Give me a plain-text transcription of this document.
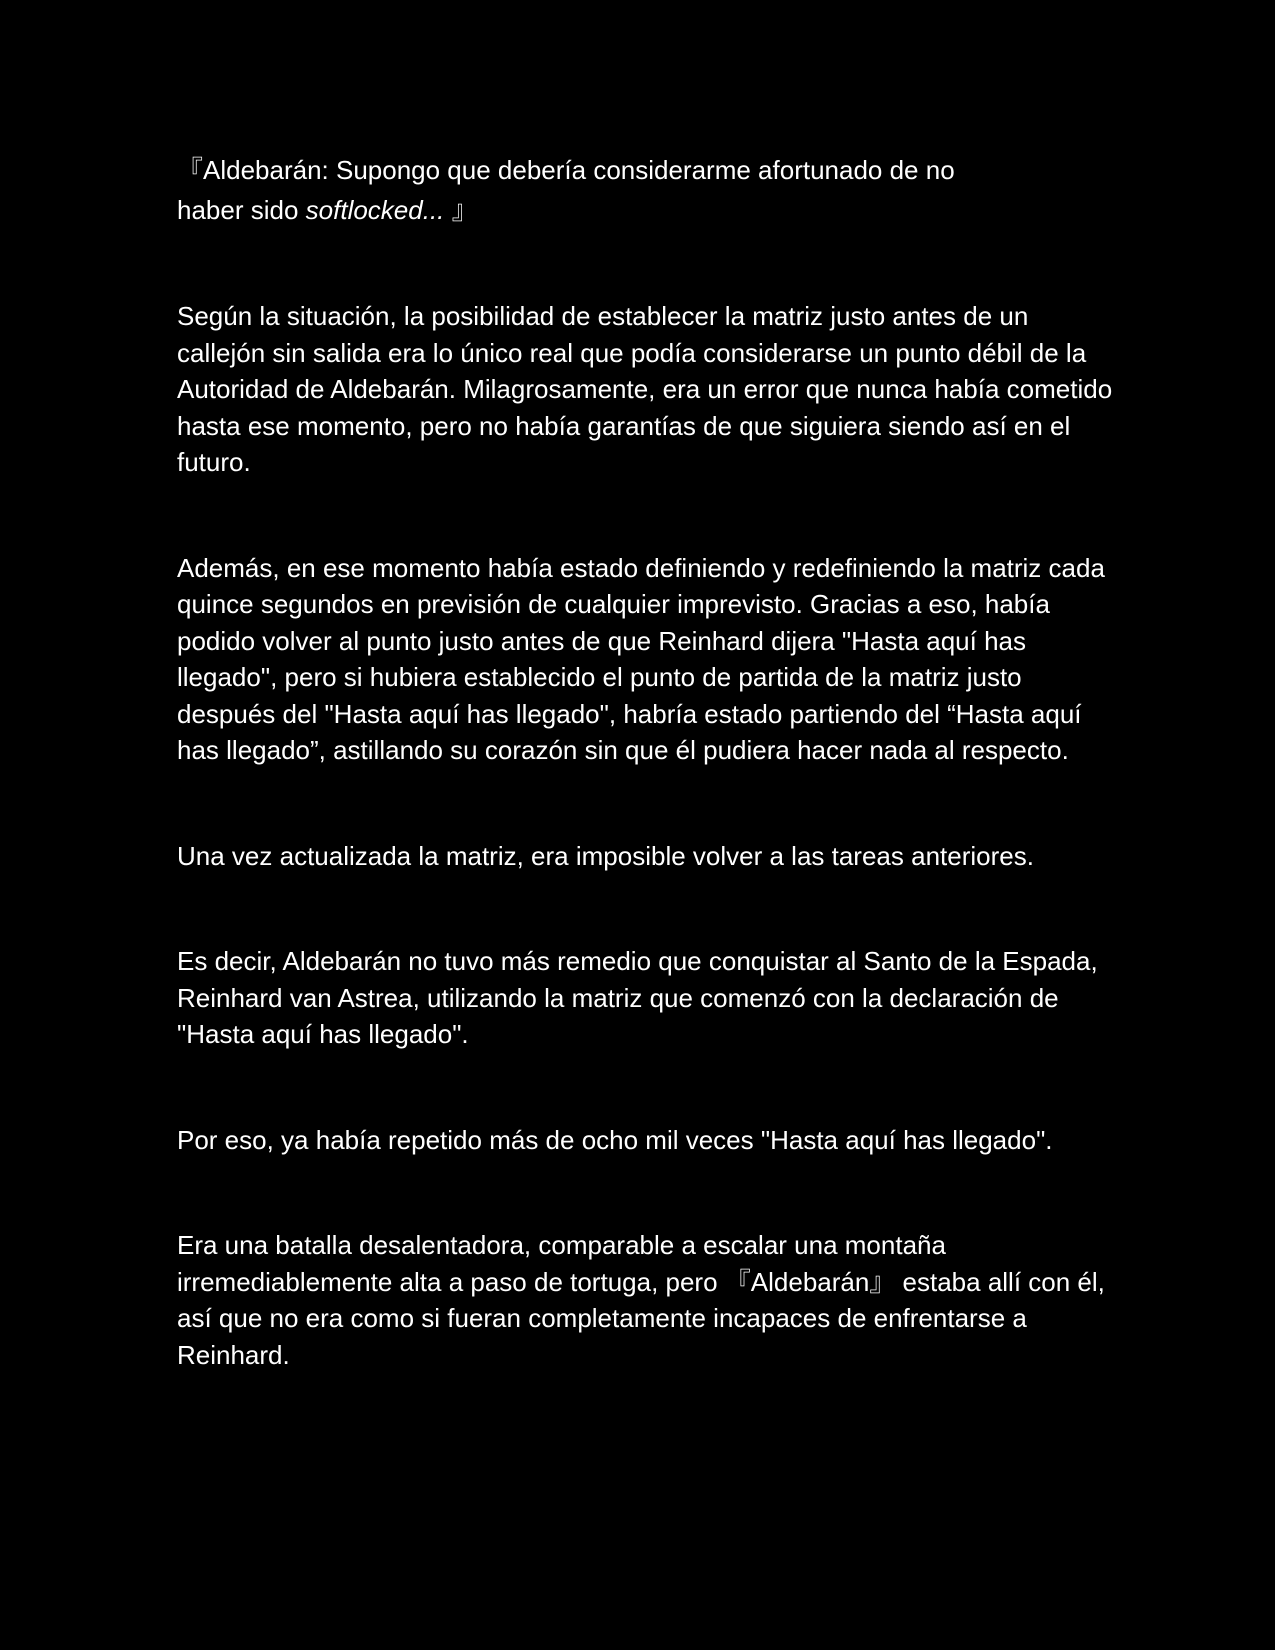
『Aldebarán: Supongo que debería considerarme afortunado de no
haber sido softlocked... 』

Según la situación, la posibilidad de establecer la matriz justo antes de un callejón sin salida era lo único real que podía considerarse un punto débil de la Autoridad de Aldebarán. Milagrosamente, era un error que nunca había cometido hasta ese momento, pero no había garantías de que siguiera siendo así en el futuro.

Además, en ese momento había estado definiendo y redefiniendo la matriz cada quince segundos en previsión de cualquier imprevisto. Gracias a eso, había podido volver al punto justo antes de que Reinhard dijera "Hasta aquí has llegado", pero si hubiera establecido el punto de partida de la matriz justo después del "Hasta aquí has llegado", habría estado partiendo del “Hasta aquí has llegado”, astillando su corazón sin que él pudiera hacer nada al respecto.

Una vez actualizada la matriz, era imposible volver a las tareas anteriores.

Es decir, Aldebarán no tuvo más remedio que conquistar al Santo de la Espada, Reinhard van Astrea, utilizando la matriz que comenzó con la declaración de "Hasta aquí has llegado".

Por eso, ya había repetido más de ocho mil veces "Hasta aquí has llegado".

Era una batalla desalentadora, comparable a escalar una montaña irremediablemente alta a paso de tortuga, pero 『Aldebarán』 estaba allí con él, así que no era como si fueran completamente incapaces de enfrentarse a Reinhard.
